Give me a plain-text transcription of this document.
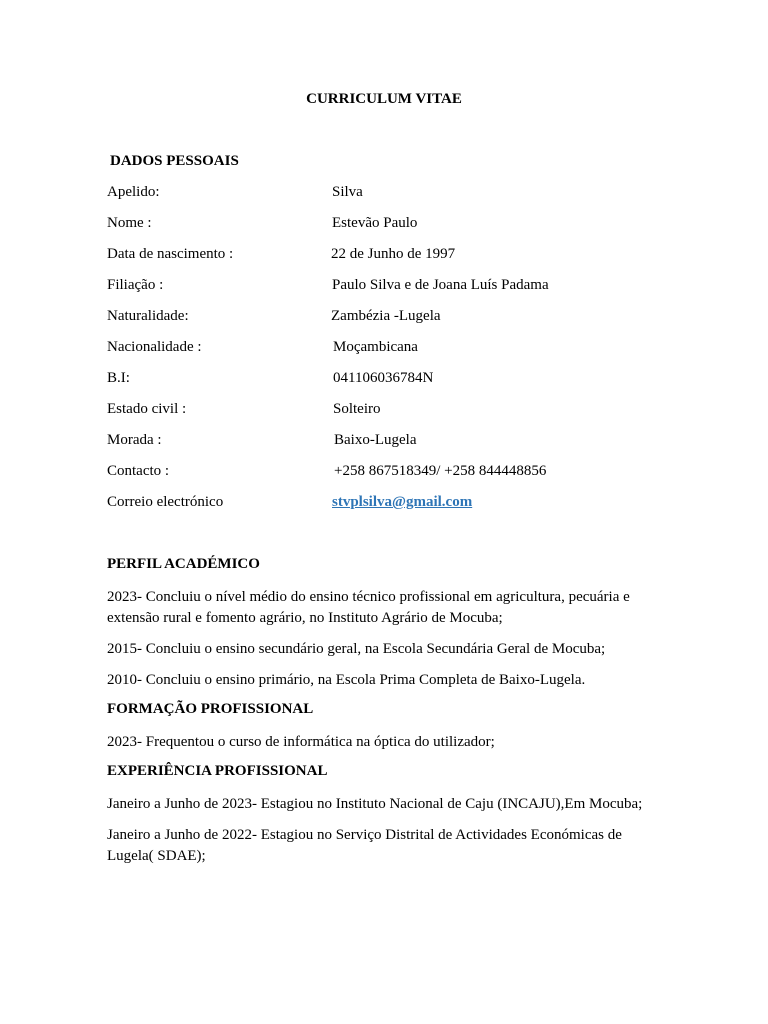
CURRICULUM VITAE
DADOS PESSOAIS
Apelido:	Silva
Nome :	Estevão Paulo
Data de nascimento :	22 de Junho de 1997
Filiação :	Paulo Silva e de Joana Luís Padama
Naturalidade:	Zambézia -Lugela
Nacionalidade :	Moçambicana
B.I:	041106036784N
Estado civil :	Solteiro
Morada :	Baixo-Lugela
Contacto :	+258 867518349/ +258 844448856
Correio electrónico	stvplsilva@gmail.com
PERFIL ACADÉMICO
2023- Concluiu o nível médio do ensino técnico profissional em agricultura, pecuária e extensão rural e fomento agrário, no Instituto Agrário de Mocuba;
2015- Concluiu o ensino secundário geral, na Escola Secundária Geral de Mocuba;
2010- Concluiu o ensino primário, na Escola Prima Completa de Baixo-Lugela.
FORMAÇÃO PROFISSIONAL
2023- Frequentou o curso de informática na óptica do utilizador;
EXPERIÊNCIA PROFISSIONAL
Janeiro a Junho de 2023- Estagiou no Instituto Nacional de Caju (INCAJU),Em Mocuba;
Janeiro a Junho de 2022- Estagiou no Serviço Distrital de Actividades Económicas de Lugela( SDAE);
